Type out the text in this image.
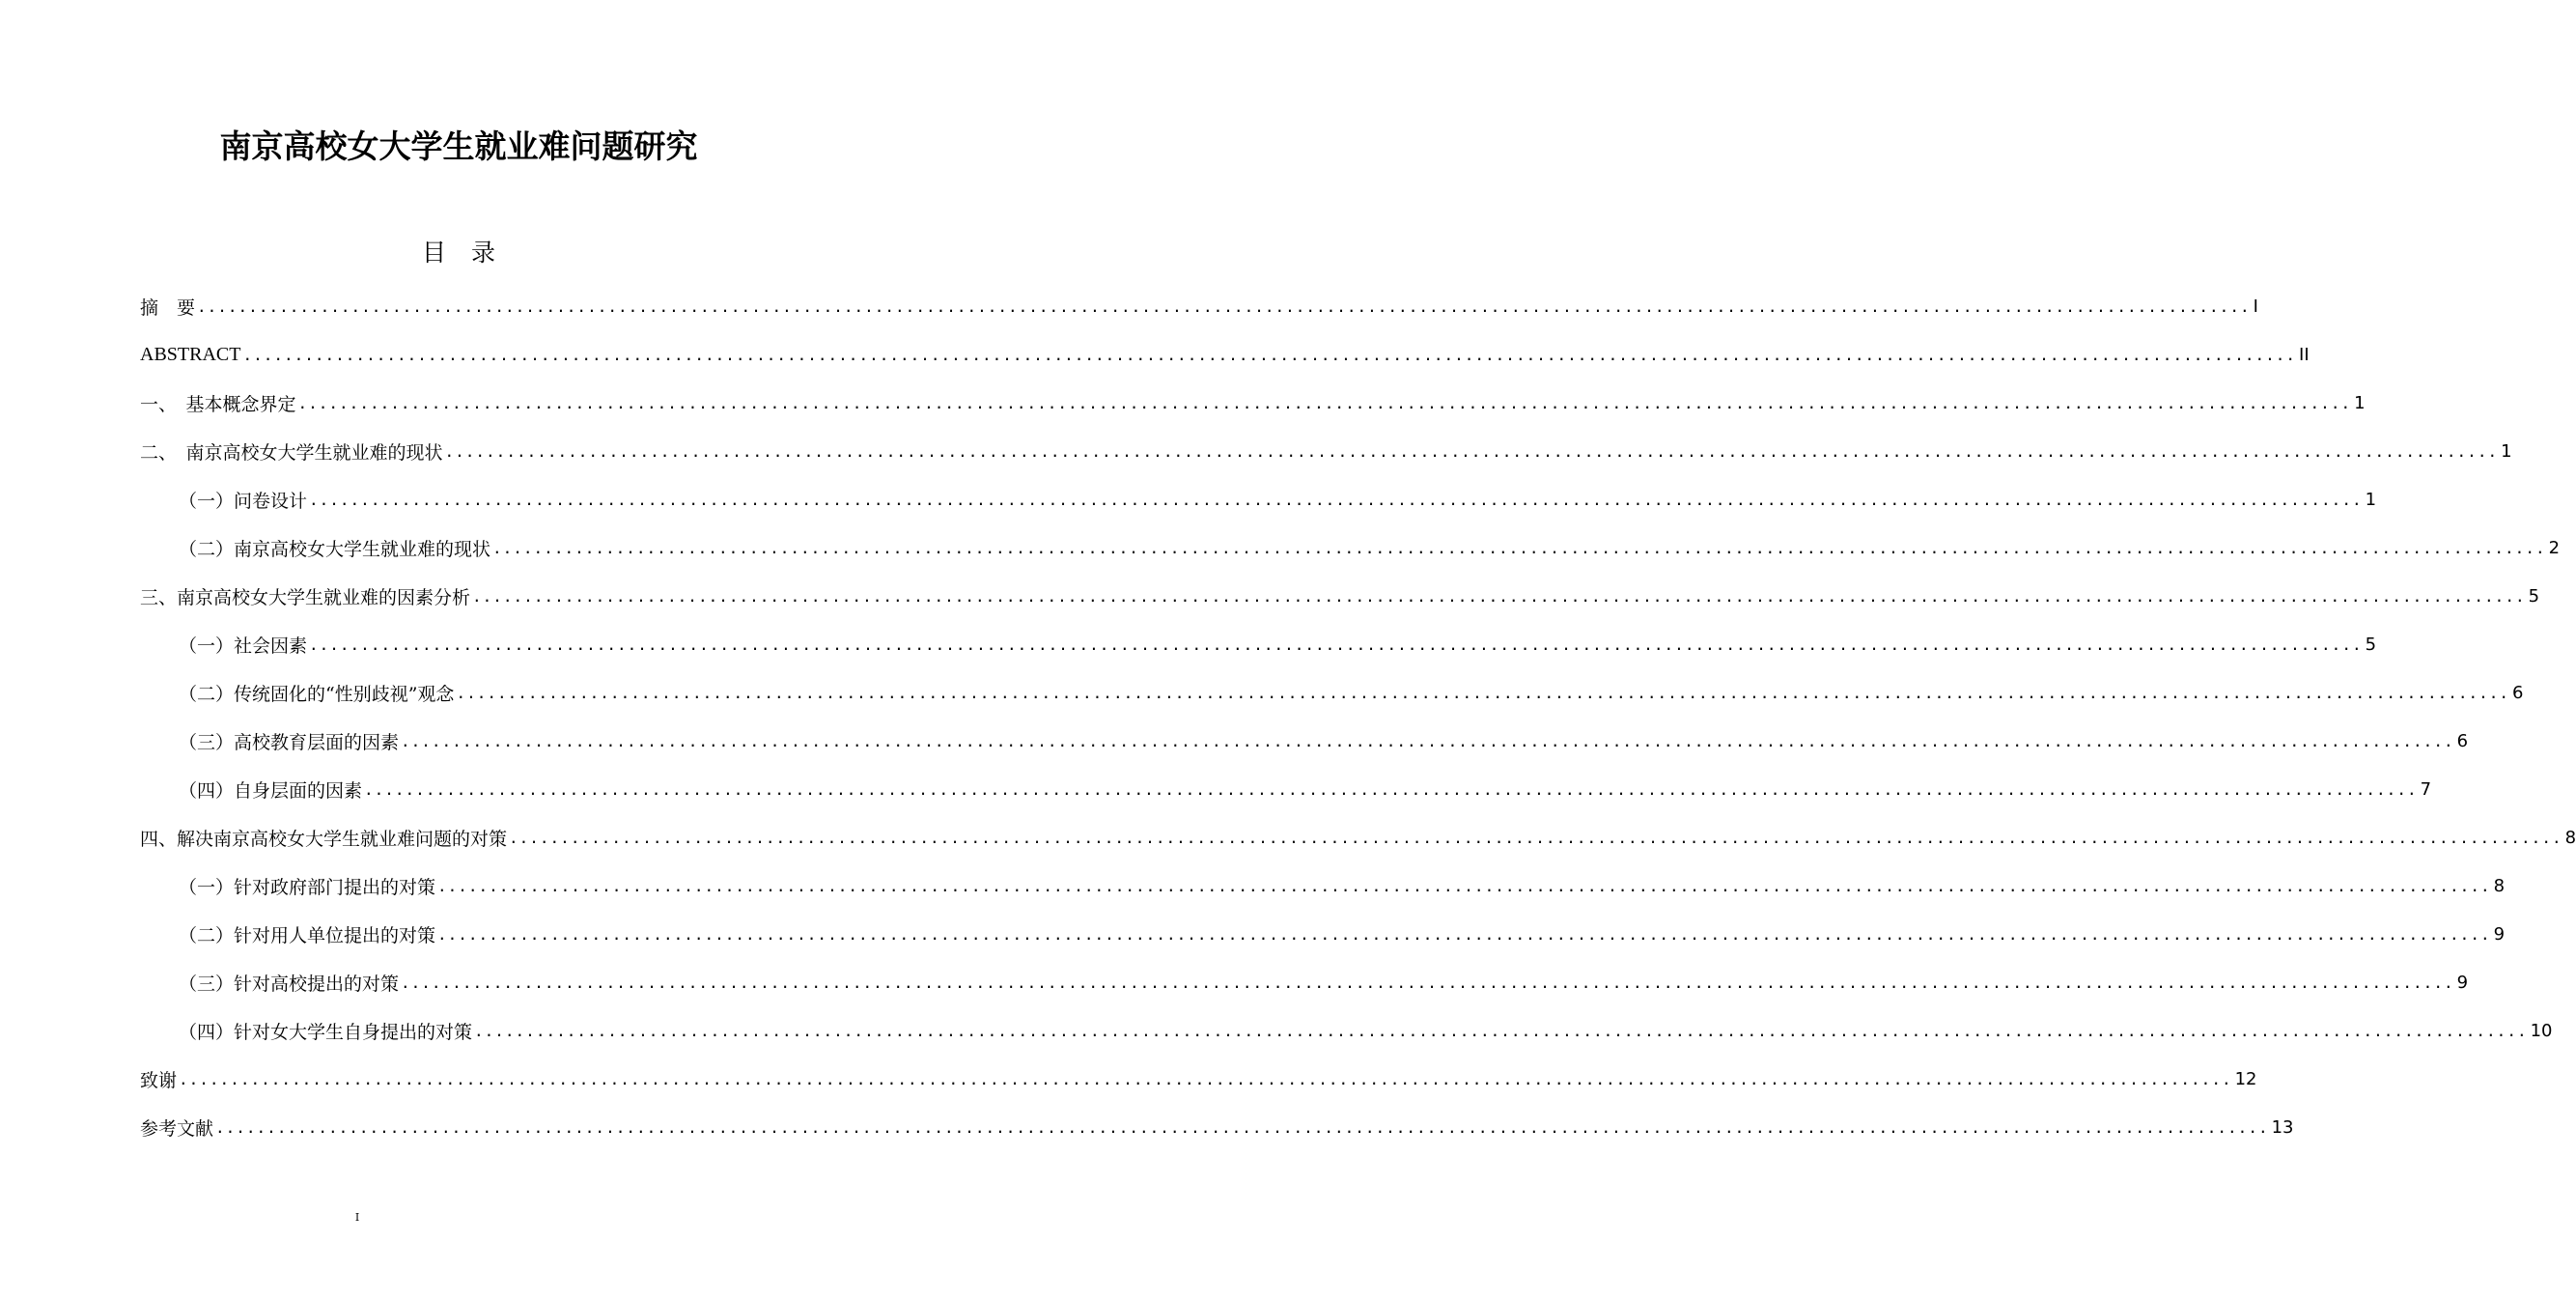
南京高校女大学生就业难问题研究
目录
摘　要 ........................................................................................................................................................................................................ I
ABSTRACT ........................................................................................................................................................................................................ II
一、　基本概念界定 ........................................................................................................................................................................................................ 1
二、　南京高校女大学生就业难的现状 ........................................................................................................................................................................................................ 1
（一）问卷设计 ........................................................................................................................................................................................................ 1
（二）南京高校女大学生就业难的现状 ........................................................................................................................................................................................................ 2
三、南京高校女大学生就业难的因素分析 ........................................................................................................................................................................................................ 5
（一）社会因素 ........................................................................................................................................................................................................ 5
（二）传统固化的“性别歧视”观念 ........................................................................................................................................................................................................ 6
（三）高校教育层面的因素 ........................................................................................................................................................................................................ 6
（四）自身层面的因素 ........................................................................................................................................................................................................ 7
四、解决南京高校女大学生就业难问题的对策 ........................................................................................................................................................................................................ 8
（一）针对政府部门提出的对策 ........................................................................................................................................................................................................ 8
（二）针对用人单位提出的对策 ........................................................................................................................................................................................................ 9
（三）针对高校提出的对策 ........................................................................................................................................................................................................ 9
（四）针对女大学生自身提出的对策 ........................................................................................................................................................................................................ 10
致谢 ........................................................................................................................................................................................................ 12
参考文献 ........................................................................................................................................................................................................ 13
I
